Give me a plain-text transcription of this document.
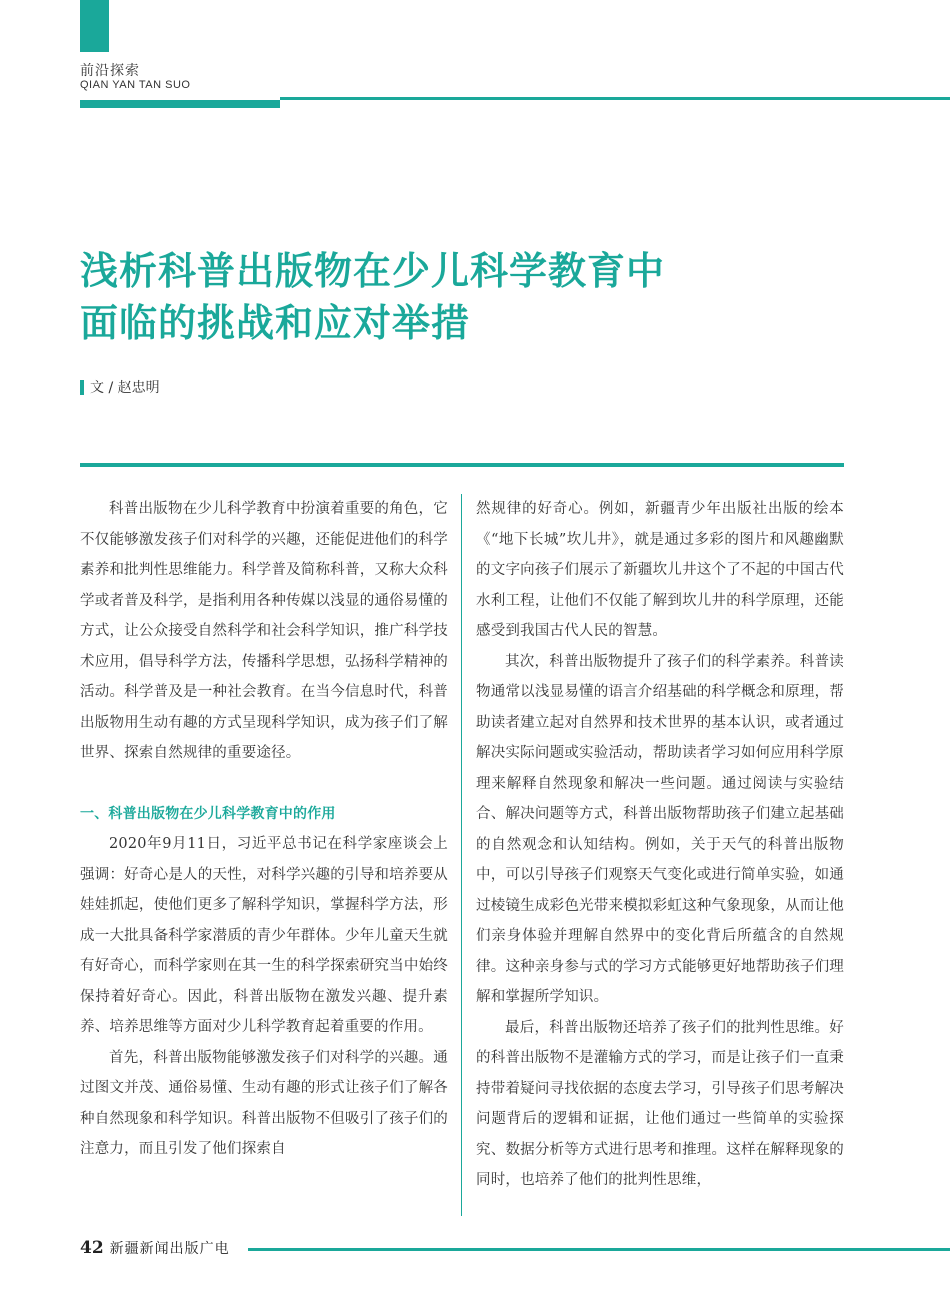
前沿探索
QIAN YAN TAN SUO
浅析科普出版物在少儿科学教育中
面临的挑战和应对举措
文 / 赵忠明

科普出版物在少儿科学教育中扮演着重要的角色，它不仅能够激发孩子们对科学的兴趣，还能促进他们的科学素养和批判性思维能力。科学普及简称科普，又称大众科学或者普及科学，是指利用各种传媒以浅显的通俗易懂的方式，让公众接受自然科学和社会科学知识，推广科学技术应用，倡导科学方法，传播科学思想，弘扬科学精神的活动。科学普及是一种社会教育。在当今信息时代，科普出版物用生动有趣的方式呈现科学知识，成为孩子们了解世界、探索自然规律的重要途径。

一、科普出版物在少儿科学教育中的作用

2020年9月11日，习近平总书记在科学家座谈会上强调：好奇心是人的天性，对科学兴趣的引导和培养要从娃娃抓起，使他们更多了解科学知识，掌握科学方法，形成一大批具备科学家潜质的青少年群体。少年儿童天生就有好奇心，而科学家则在其一生的科学探索研究当中始终保持着好奇心。因此，科普出版物在激发兴趣、提升素养、培养思维等方面对少儿科学教育起着重要的作用。

首先，科普出版物能够激发孩子们对科学的兴趣。通过图文并茂、通俗易懂、生动有趣的形式让孩子们了解各种自然现象和科学知识。科普出版物不但吸引了孩子们的注意力，而且引发了他们探索自

然规律的好奇心。例如，新疆青少年出版社出版的绘本《“地下长城”坎儿井》，就是通过多彩的图片和风趣幽默的文字向孩子们展示了新疆坎儿井这个了不起的中国古代水利工程，让他们不仅能了解到坎儿井的科学原理，还能感受到我国古代人民的智慧。

其次，科普出版物提升了孩子们的科学素养。科普读物通常以浅显易懂的语言介绍基础的科学概念和原理，帮助读者建立起对自然界和技术世界的基本认识，或者通过解决实际问题或实验活动，帮助读者学习如何应用科学原理来解释自然现象和解决一些问题。通过阅读与实验结合、解决问题等方式，科普出版物帮助孩子们建立起基础的自然观念和认知结构。例如，关于天气的科普出版物中，可以引导孩子们观察天气变化或进行简单实验，如通过棱镜生成彩色光带来模拟彩虹这种气象现象，从而让他们亲身体验并理解自然界中的变化背后所蕴含的自然规律。这种亲身参与式的学习方式能够更好地帮助孩子们理解和掌握所学知识。

最后，科普出版物还培养了孩子们的批判性思维。好的科普出版物不是灌输方式的学习，而是让孩子们一直秉持带着疑问寻找依据的态度去学习，引导孩子们思考解决问题背后的逻辑和证据，让他们通过一些简单的实验探究、数据分析等方式进行思考和推理。这样在解释现象的同时，也培养了他们的批判性思维，

42 新疆新闻出版广电
